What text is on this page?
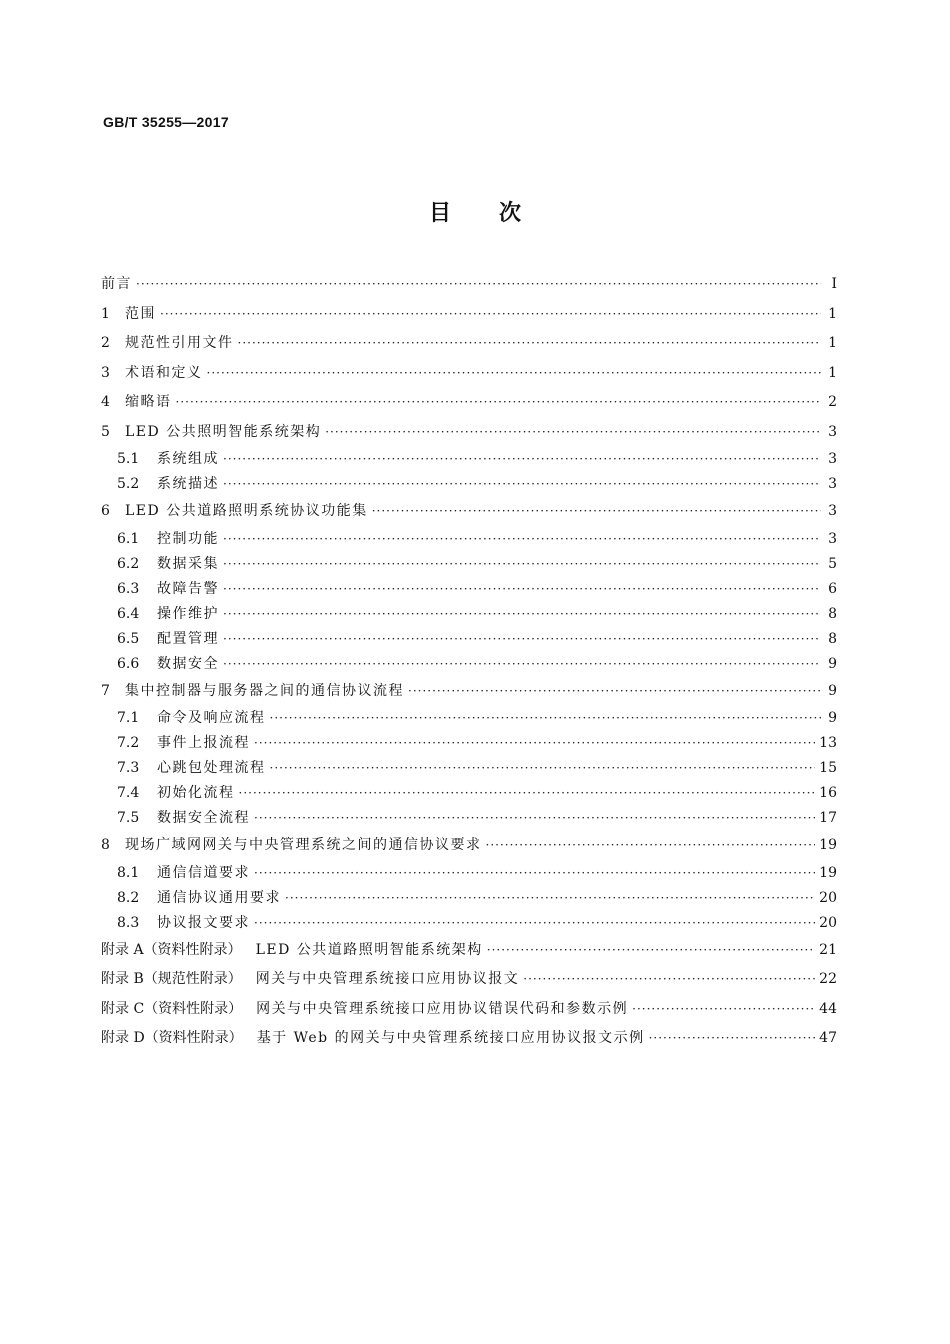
GB/T 35255—2017
目次
前言 ·····	Ⅰ
1	范围 ·····	1
2	规范性引用文件 ·····	1
3	术语和定义 ·····	1
4	缩略语 ·····	2
5	LED 公共照明智能系统架构 ·····	3
5.1	系统组成 ·····	3
5.2	系统描述 ·····	3
6	LED 公共道路照明系统协议功能集 ·····	3
6.1	控制功能 ·····	3
6.2	数据采集 ·····	5
6.3	故障告警 ·····	6
6.4	操作维护 ·····	8
6.5	配置管理 ·····	8
6.6	数据安全 ·····	9
7	集中控制器与服务器之间的通信协议流程 ·····	9
7.1	命令及响应流程 ·····	9
7.2	事件上报流程 ·····	13
7.3	心跳包处理流程 ·····	15
7.4	初始化流程 ·····	16
7.5	数据安全流程 ·····	17
8	现场广域网网关与中央管理系统之间的通信协议要求 ·····	19
8.1	通信信道要求 ·····	19
8.2	通信协议通用要求 ·····	20
8.3	协议报文要求 ·····	20
附录 A（资料性附录） LED 公共道路照明智能系统架构 ·····	21
附录 B（规范性附录） 网关与中央管理系统接口应用协议报文 ·····	22
附录 C（资料性附录） 网关与中央管理系统接口应用协议错误代码和参数示例 ·····	44
附录 D（资料性附录） 基于 Web 的网关与中央管理系统接口应用协议报文示例 ·····	47
